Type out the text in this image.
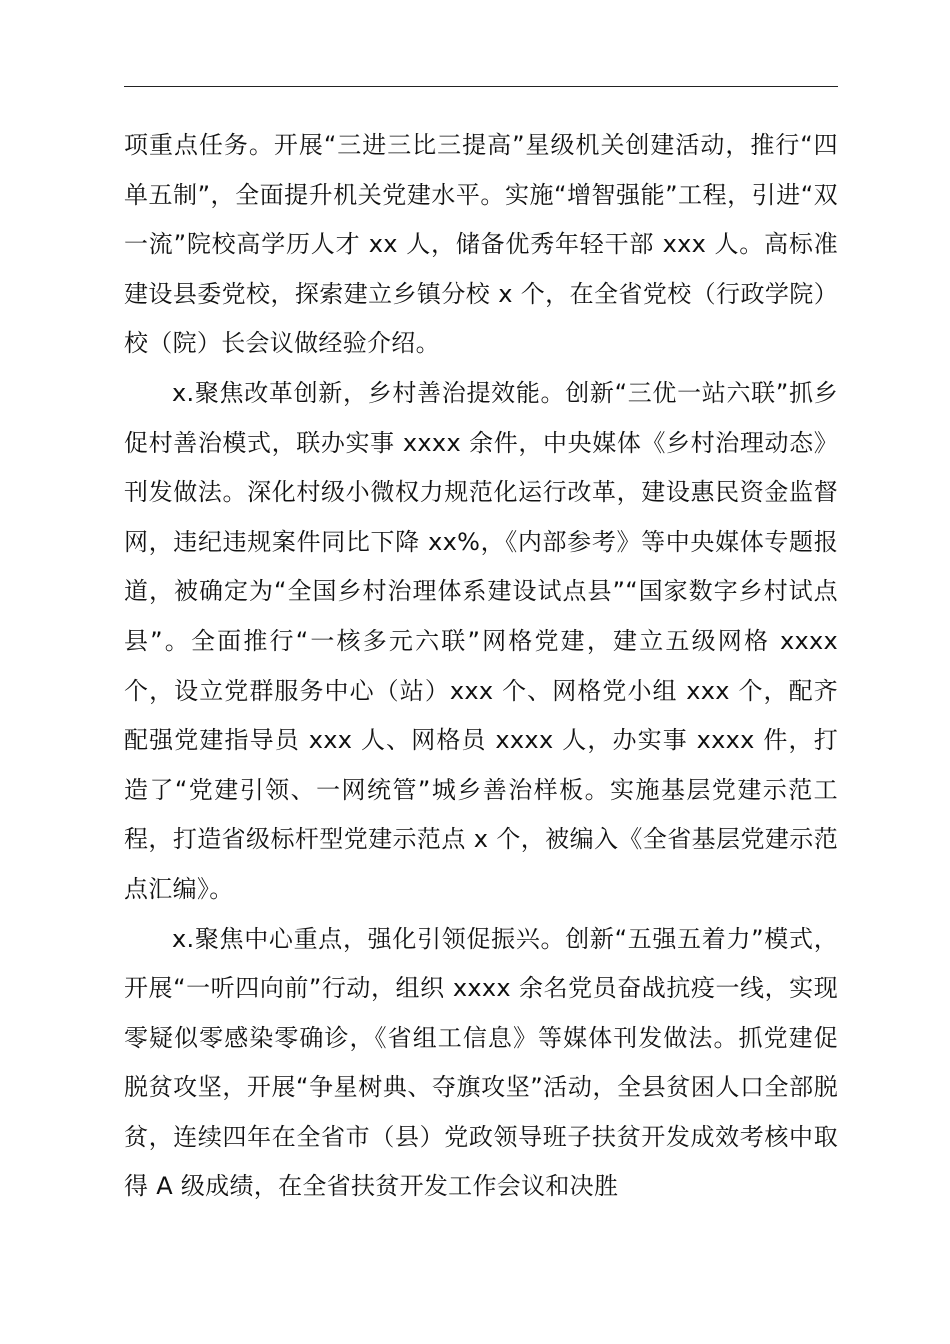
项重点任务。开展“三进三比三提高”星级机关创建活动，推行“四单五制”，全面提升机关党建水平。实施“增智强能”工程，引进“双一流”院校高学历人才 xx 人，储备优秀年轻干部 xxx 人。高标准建设县委党校，探索建立乡镇分校 x 个，在全省党校（行政学院）校（院）长会议做经验介绍。

x.聚焦改革创新，乡村善治提效能。创新“三优一站六联”抓乡促村善治模式，联办实事 xxxx 余件，中央媒体《乡村治理动态》刊发做法。深化村级小微权力规范化运行改革，建设惠民资金监督网，违纪违规案件同比下降 xx%，《内部参考》等中央媒体专题报道，被确定为“全国乡村治理体系建设试点县”“国家数字乡村试点县”。全面推行“一核多元六联”网格党建，建立五级网格 xxxx 个，设立党群服务中心（站）xxx 个、网格党小组 xxx 个，配齐配强党建指导员 xxx 人、网格员 xxxx 人，办实事 xxxx 件，打造了“党建引领、一网统管”城乡善治样板。实施基层党建示范工程，打造省级标杆型党建示范点 x 个，被编入《全省基层党建示范点汇编》。

x.聚焦中心重点，强化引领促振兴。创新“五强五着力”模式，开展“一听四向前”行动，组织 xxxx 余名党员奋战抗疫一线，实现零疑似零感染零确诊，《省组工信息》等媒体刊发做法。抓党建促脱贫攻坚，开展“争星树典、夺旗攻坚”活动，全县贫困人口全部脱贫，连续四年在全省市（县）党政领导班子扶贫开发成效考核中取得 A 级成绩，在全省扶贫开发工作会议和决胜
